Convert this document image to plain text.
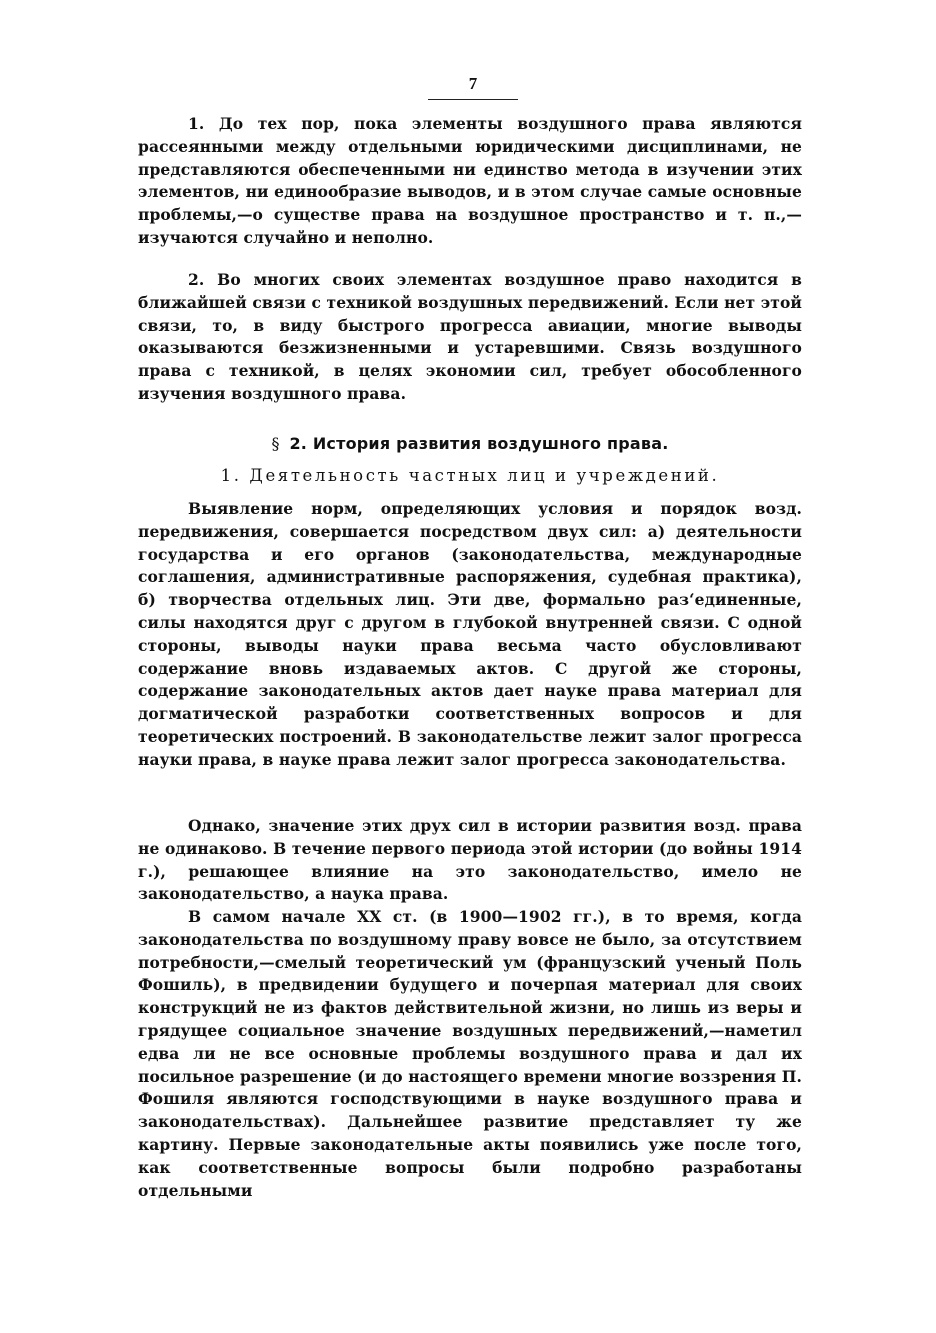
7

1. До тех пор, пока элементы воздушного права являются рассеянными между отдельными юридическими дисциплинами, не представляются обеспеченными ни единство метода в изучении этих элементов, ни единообразие выводов, и в этом случае самые основные проблемы,—о существе права на воздушное пространство и т. п.,—изучаются случайно и неполно.

2. Во многих своих элементах воздушное право находится в ближайшей связи с техникой воздушных передвижений. Если нет этой связи, то, в виду быстрого прогресса авиации, многие выводы оказываются безжизненными и устаревшими. Связь воздушного права с техникой, в целях экономии сил, требует обособленного изучения воздушного права.

§ 2. История развития воздушного права.
1. Деятельность частных лиц и учреждений.

Выявление норм, определяющих условия и порядок возд. передвижения, совершается посредством двух сил: а) деятельности государства и его органов (законодательства, международные соглашения, административные распоряжения, судебная практика), б) творчества отдельных лиц. Эти две, формально раз‘единенные, силы находятся друг с другом в глубокой внутренней связи. С одной стороны, выводы науки права весьма часто обусловливают содержание вновь издаваемых актов. С другой же стороны, содержание законодательных актов дает науке права материал для догматической разработки соответственных вопросов и для теоретических построений. В законодательстве лежит залог прогресса науки права, в науке права лежит залог прогресса законодательства.

Однако, значение этих друх сил в истории развития возд. права не одинаково. В течение первого периода этой истории (до войны 1914 г.), решающее влияние на это законодательство, имело не законодательство, а наука права.

В самом начале XX ст. (в 1900—1902 гг.), в то время, когда законодательства по воздушному праву вовсе не было, за отсутствием потребности,—смелый теоретический ум (французский ученый Поль Фошиль), в предвидении будущего и почерпая материал для своих конструкций не из фактов действительной жизни, но лишь из веры и грядущее социальное значение воздушных передвижений,—наметил едва ли не все основные проблемы воздушного права и дал их посильное разрешение (и до настоящего времени многие воззрения П. Фошиля являются господствующими в науке воздушного права и законодательствах). Дальнейшее развитие представляет ту же картину. Первые законодательные акты появились уже после того, как соответственные вопросы были подробно разработаны отдельными
